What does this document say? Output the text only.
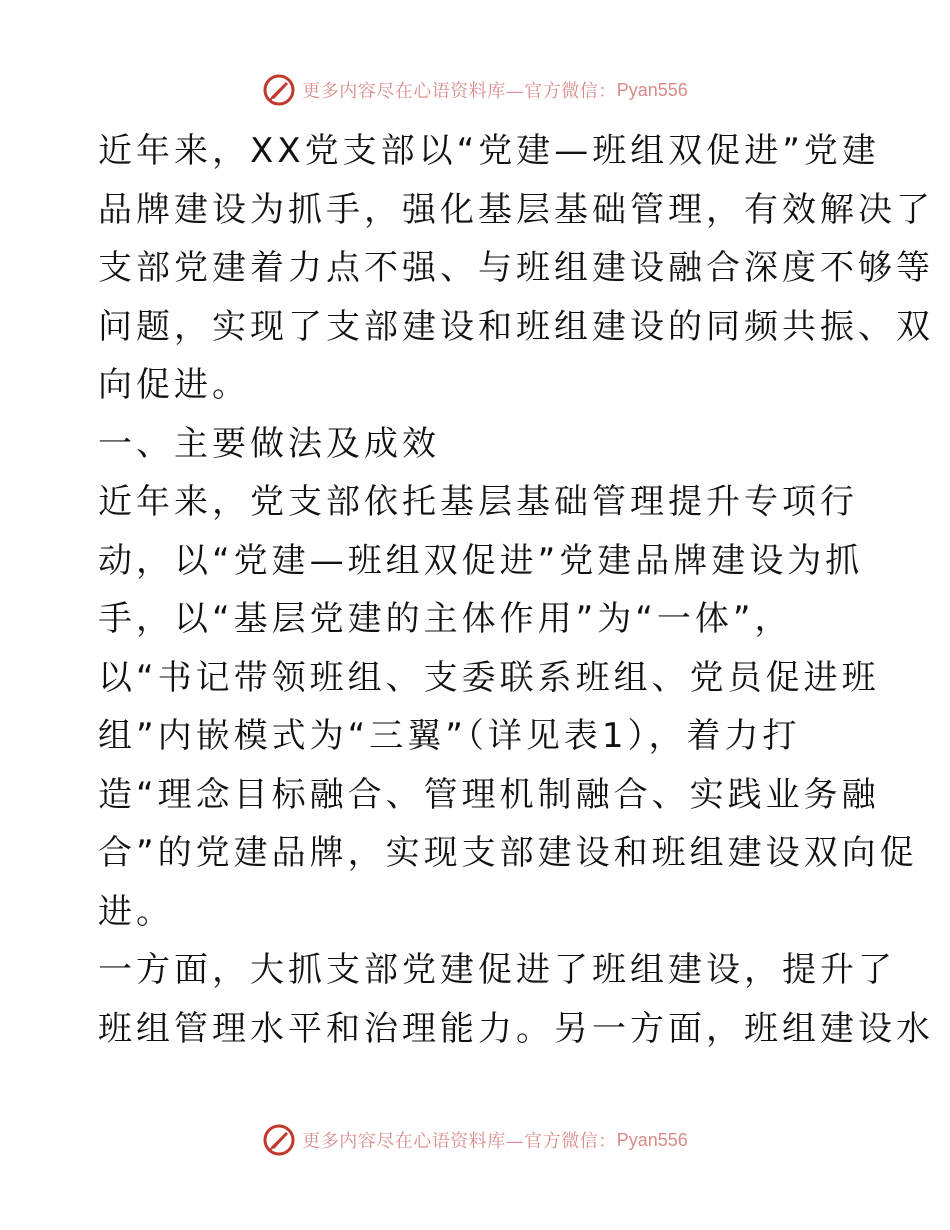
更多内容尽在心语资料库—官方微信： Pyan556
近年来，XX党支部以“党建—班组双促进”党建
品牌建设为抓手，强化基层基础管理，有效解决了
支部党建着力点不强、与班组建设融合深度不够等
问题，实现了支部建设和班组建设的同频共振、双
向促进。
一、主要做法及成效
近年来，党支部依托基层基础管理提升专项行
动，以“党建—班组双促进”党建品牌建设为抓
手，以“基层党建的主体作用”为“一体”，
以“书记带领班组、支委联系班组、党员促进班
组”内嵌模式为“三翼”（详见表1），着力打
造“理念目标融合、管理机制融合、实践业务融
合”的党建品牌，实现支部建设和班组建设双向促
进。
一方面，大抓支部党建促进了班组建设，提升了
班组管理水平和治理能力。另一方面，班组建设水
更多内容尽在心语资料库—官方微信： Pyan556
